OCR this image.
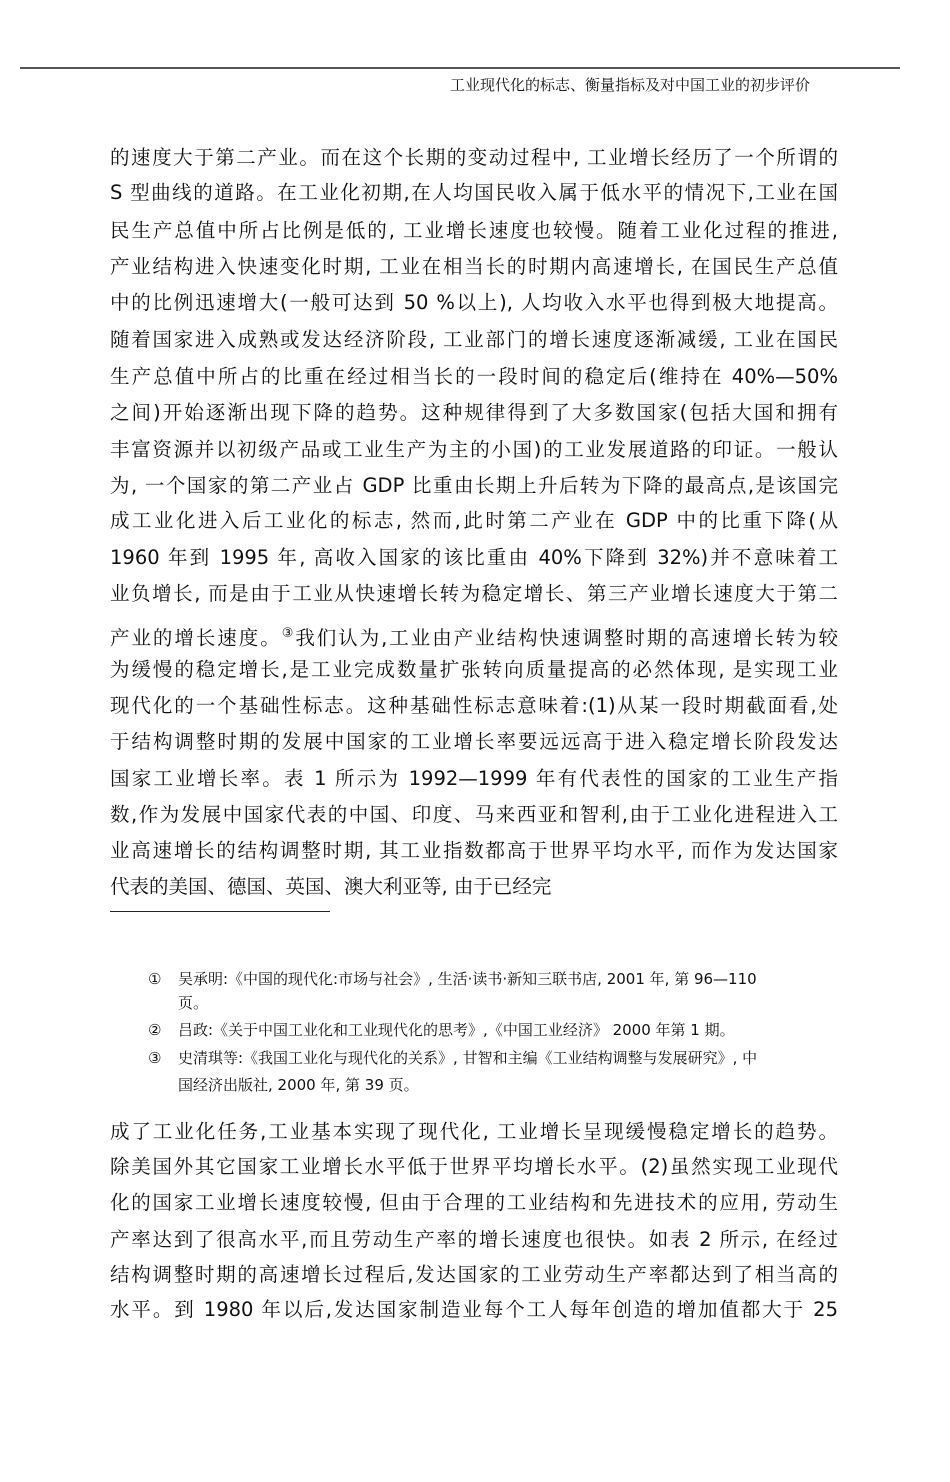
工业现代化的标志、衡量指标及对中国工业的初步评价
的速度大于第二产业。而在这个长期的变动过程中, 工业增长经历了一个所谓的
S 型曲线的道路。在工业化初期,在人均国民收入属于低水平的情况下,工业在国
民生产总值中所占比例是低的, 工业增长速度也较慢。随着工业化过程的推进,
产业结构进入快速变化时期, 工业在相当长的时期内高速增长, 在国民生产总值
中的比例迅速增大(一般可达到 50 %以上), 人均收入水平也得到极大地提高。
随着国家进入成熟或发达经济阶段, 工业部门的增长速度逐渐减缓, 工业在国民
生产总值中所占的比重在经过相当长的一段时间的稳定后(维持在 40%—50%
之间)开始逐渐出现下降的趋势。这种规律得到了大多数国家(包括大国和拥有
丰富资源并以初级产品或工业生产为主的小国)的工业发展道路的印证。一般认
为, 一个国家的第二产业占 GDP 比重由长期上升后转为下降的最高点,是该国完
成工业化进入后工业化的标志, 然而,此时第二产业在 GDP 中的比重下降(从
1960 年到 1995 年, 高收入国家的该比重由 40%下降到 32%)并不意味着工
业负增长, 而是由于工业从快速增长转为稳定增长、第三产业增长速度大于第二
产业的增长速度。③我们认为,工业由产业结构快速调整时期的高速增长转为较
为缓慢的稳定增长,是工业完成数量扩张转向质量提高的必然体现, 是实现工业
现代化的一个基础性标志。这种基础性标志意味着:(1)从某一段时期截面看,处
于结构调整时期的发展中国家的工业增长率要远远高于进入稳定增长阶段发达
国家工业增长率。表 1 所示为 1992—1999 年有代表性的国家的工业生产指
数,作为发展中国家代表的中国、印度、马来西亚和智利,由于工业化进程进入工
业高速增长的结构调整时期, 其工业指数都高于世界平均水平, 而作为发达国家
代表的美国、德国、英国、澳大利亚等, 由于已经完
① 吴承明:《中国的现代化:市场与社会》, 生活·读书·新知三联书店, 2001 年, 第 96—110
页。
② 吕政:《关于中国工业化和工业现代化的思考》,《中国工业经济》 2000 年第 1 期。
③ 史清琪等:《我国工业化与现代化的关系》, 甘智和主编《工业结构调整与发展研究》, 中
国经济出版社, 2000 年, 第 39 页。
成了工业化任务,工业基本实现了现代化, 工业增长呈现缓慢稳定增长的趋势。
除美国外其它国家工业增长水平低于世界平均增长水平。(2)虽然实现工业现代
化的国家工业增长速度较慢, 但由于合理的工业结构和先进技术的应用, 劳动生
产率达到了很高水平,而且劳动生产率的增长速度也很快。如表 2 所示, 在经过
结构调整时期的高速增长过程后,发达国家的工业劳动生产率都达到了相当高的
水平。到 1980 年以后,发达国家制造业每个工人每年创造的增加值都大于 25
